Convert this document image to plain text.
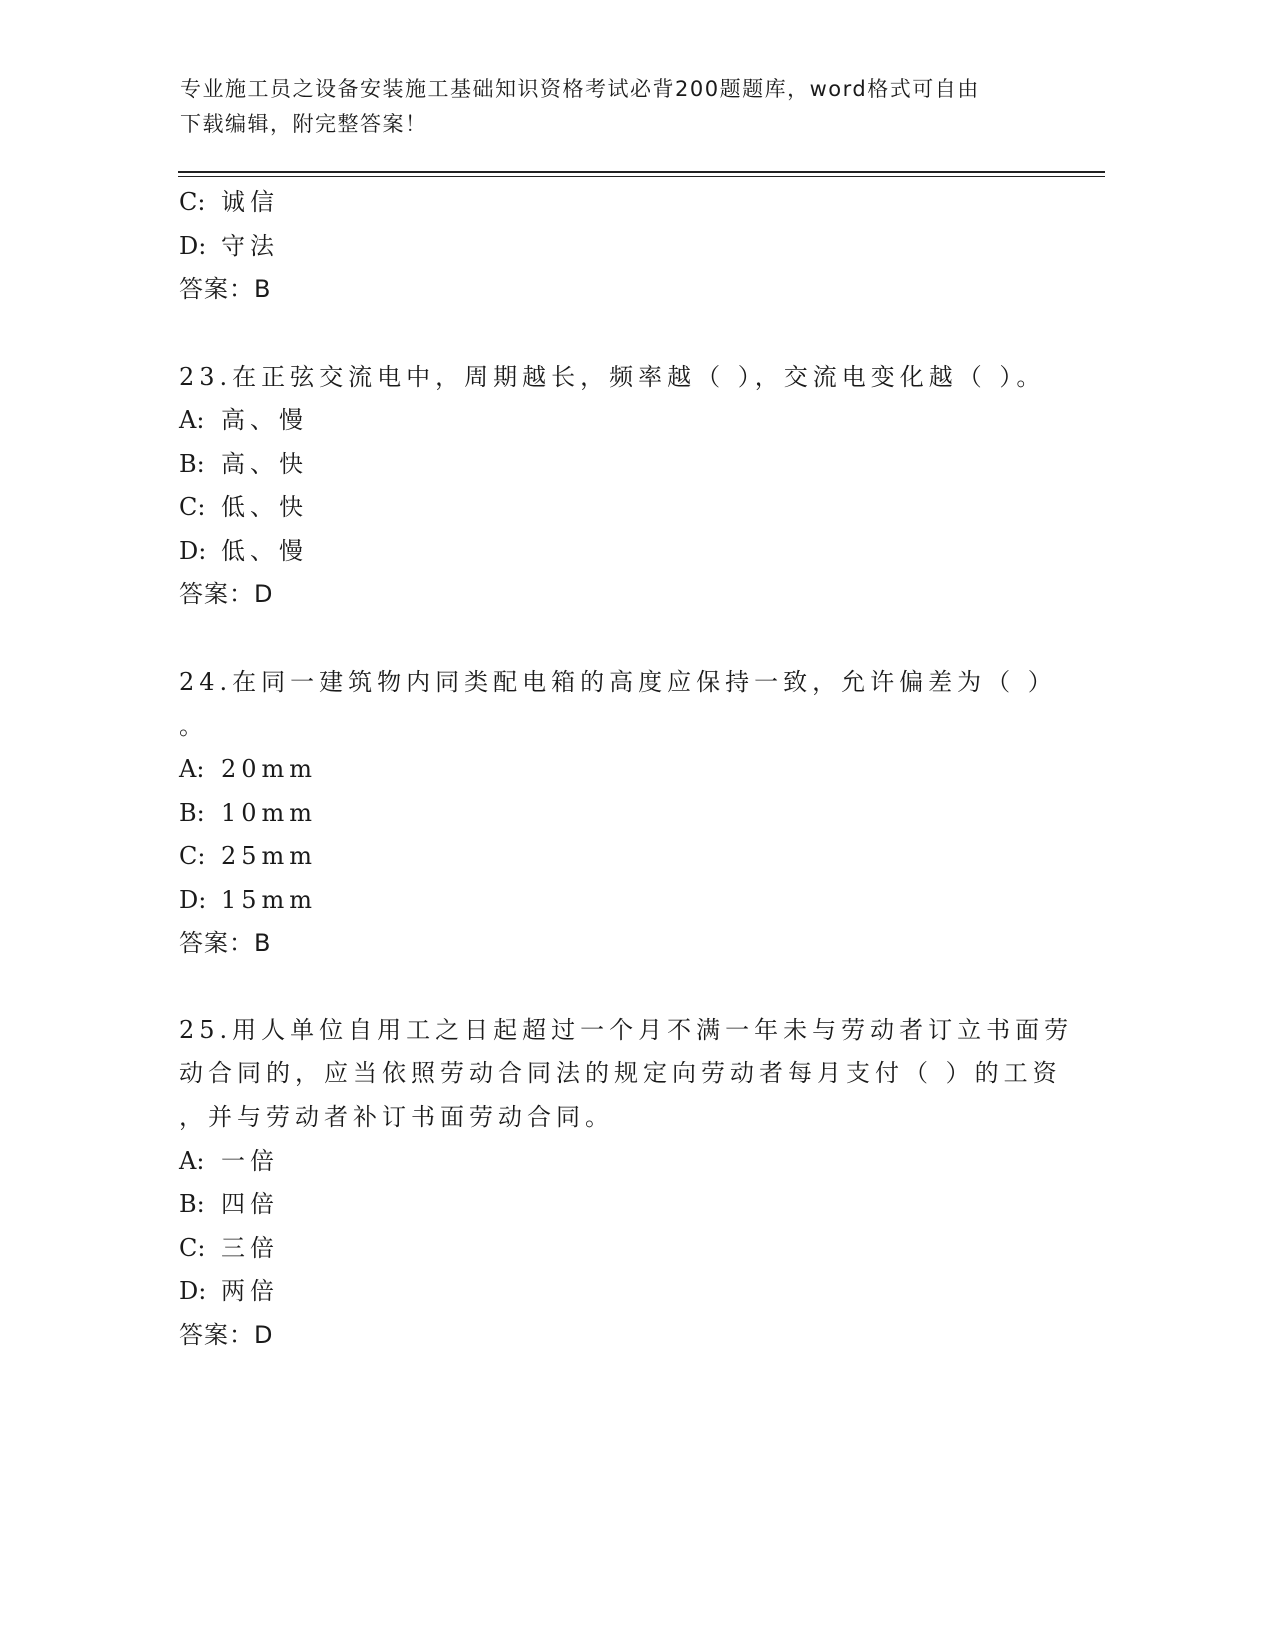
专业施工员之设备安装施工基础知识资格考试必背200题题库，word格式可自由
下载编辑，附完整答案！
C: 诚信
D: 守法
答案：B
23.在正弦交流电中，周期越长，频率越（ ），交流电变化越（ ）。
A: 高、慢
B: 高、快
C: 低、快
D: 低、慢
答案：D
24.在同一建筑物内同类配电箱的高度应保持一致，允许偏差为（ ）
。
A: 20mm
B: 10mm
C: 25mm
D: 15mm
答案：B
25.用人单位自用工之日起超过一个月不满一年未与劳动者订立书面劳
动合同的，应当依照劳动合同法的规定向劳动者每月支付（ ）的工资
，并与劳动者补订书面劳动合同。
A: 一倍
B: 四倍
C: 三倍
D: 两倍
答案：D
